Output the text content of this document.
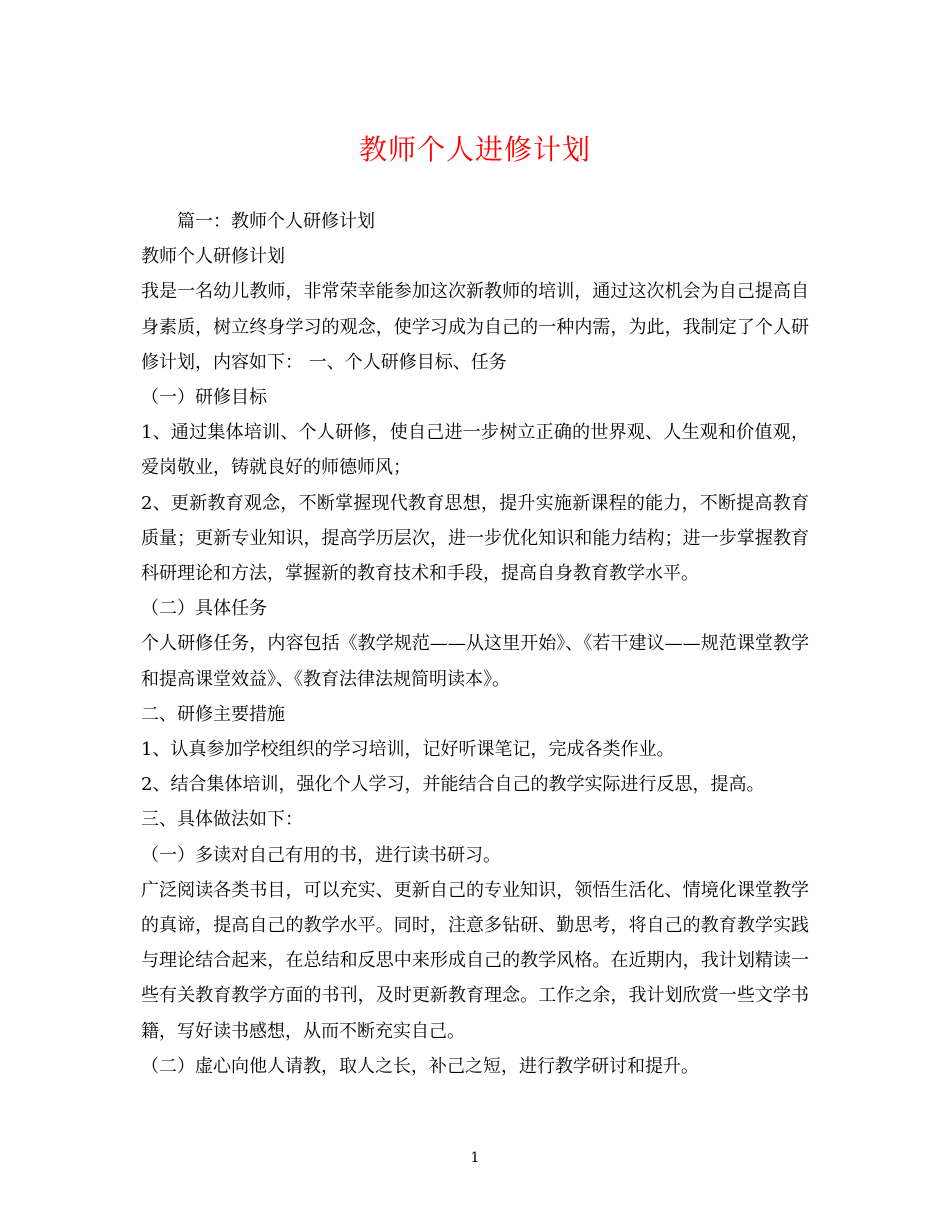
教师个人进修计划

篇一：教师个人研修计划

教师个人研修计划

我是一名幼儿教师，非常荣幸能参加这次新教师的培训，通过这次机会为自己提高自身素质，树立终身学习的观念，使学习成为自己的一种内需，为此，我制定了个人研修计划，内容如下： 一、个人研修目标、任务

（一）研修目标

1、通过集体培训、个人研修，使自己进一步树立正确的世界观、人生观和价值观，爱岗敬业，铸就良好的师德师风；

2、更新教育观念，不断掌握现代教育思想，提升实施新课程的能力，不断提高教育质量；更新专业知识，提高学历层次，进一步优化知识和能力结构；进一步掌握教育科研理论和方法，掌握新的教育技术和手段，提高自身教育教学水平。

（二）具体任务

个人研修任务，内容包括《教学规范——从这里开始》、《若干建议——规范课堂教学和提高课堂效益》、《教育法律法规简明读本》。

二、研修主要措施

1、认真参加学校组织的学习培训，记好听课笔记，完成各类作业。

2、结合集体培训，强化个人学习，并能结合自己的教学实际进行反思，提高。

三、具体做法如下：

（一）多读对自己有用的书，进行读书研习。

广泛阅读各类书目，可以充实、更新自己的专业知识，领悟生活化、情境化课堂教学的真谛，提高自己的教学水平。同时，注意多钻研、勤思考，将自己的教育教学实践与理论结合起来，在总结和反思中来形成自己的教学风格。在近期内，我计划精读一些有关教育教学方面的书刊，及时更新教育理念。工作之余，我计划欣赏一些文学书籍，写好读书感想，从而不断充实自己。

（二）虚心向他人请教，取人之长，补己之短，进行教学研讨和提升。

1
